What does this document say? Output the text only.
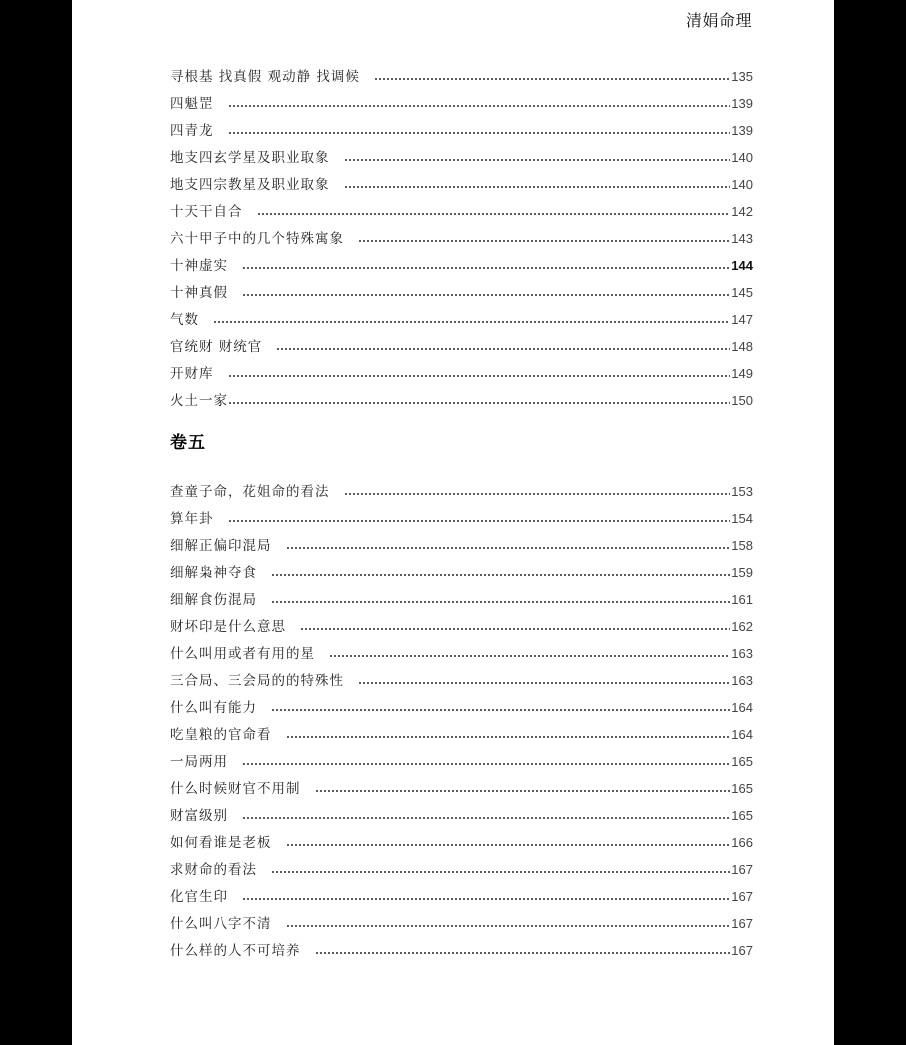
清娟命理
寻根基 找真假 观动静 找调候	135
四魁罡	139
四青龙	139
地支四玄学星及职业取象	140
地支四宗教星及职业取象	140
十天干自合	142
六十甲子中的几个特殊寓象	143
十神虚实	144
十神真假	145
气数	147
官统财 财统官	148
开财库	149
火土一家	150
卷五
查童子命，花姐命的看法	153
算年卦	154
细解正偏印混局	158
细解枭神夺食	159
细解食伤混局	161
财坏印是什么意思	162
什么叫用或者有用的星	163
三合局、三会局的的特殊性	163
什么叫有能力	164
吃皇粮的官命看	164
一局两用	165
什么时候财官不用制	165
财富级别	165
如何看谁是老板	166
求财命的看法	167
化官生印	167
什么叫八字不清	167
什么样的人不可培养	167
